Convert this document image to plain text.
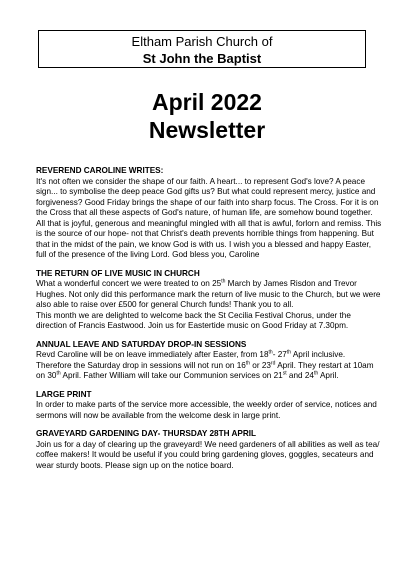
Eltham Parish Church of
St John the Baptist
April 2022
Newsletter
REVEREND CAROLINE WRITES:

It's not often we consider the shape of our faith. A heart... to represent God's love? A peace sign... to symbolise the deep peace God gifts us? But what could represent mercy, justice and forgiveness? Good Friday brings the shape of our faith into sharp focus. The Cross. For it is on the Cross that all these aspects of God's nature, of human life, are somehow bound together. All that is joyful, generous and meaningful mingled with all that is awful, forlorn and remiss. This is the source of our hope- not that Christ's death prevents horrible things from happening. But that in the midst of the pain, we know God is with us. I wish you a blessed and happy Easter, full of the presence of the living Lord. God bless you, Caroline

THE RETURN OF LIVE MUSIC IN CHURCH

What a wonderful concert we were treated to on 25th March by James Risdon and Trevor Hughes. Not only did this performance mark the return of live music to the Church, but we were also able to raise over £500 for general Church funds! Thank you to all.

This month we are delighted to welcome back the St Cecilia Festival Chorus, under the direction of Francis Eastwood. Join us for Eastertide music on Good Friday at 7.30pm.

ANNUAL LEAVE AND SATURDAY DROP-IN SESSIONS

Revd Caroline will be on leave immediately after Easter, from 18th- 27th April inclusive. Therefore the Saturday drop in sessions will not run on 16th or 23rd April. They restart at 10am on 30th April. Father William will take our Communion services on 21st and 24th April.

LARGE PRINT

In order to make parts of the service more accessible, the weekly order of service, notices and sermons will now be available from the welcome desk in large print.

GRAVEYARD GARDENING DAY- THURSDAY 28TH APRIL

Join us for a day of clearing up the graveyard! We need gardeners of all abilities as well as tea/ coffee makers! It would be useful if you could bring gardening gloves, goggles, secateurs and wear sturdy boots. Please sign up on the notice board.
